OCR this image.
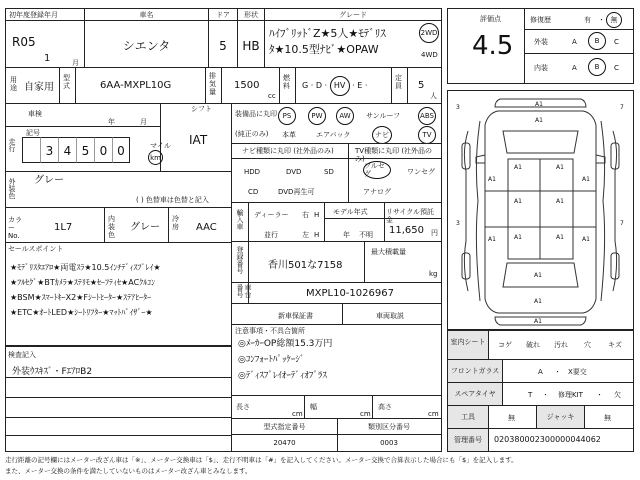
初年度登録年月
R05
1	月
車名
シエンタ
ドア
5
形状
HB
グレード
ﾊｲﾌﾞﾘｯﾄﾞZ★5人★ﾓﾃﾞﾘｽ
ﾀ★10.5型ﾅﾋﾞ★OPAW
2WD
4WD
用途 自家用
型式	6AA-MXPL10G
排気量
1500
cc
燃料	G · D · HV · E ·
定員	5
人
車検
年	月
シフト
IAT
走行
記号
3 4 5 0 0	マイル
km
外装色 グレー
( ) 色替車は色替と記入
カラーNo.
1L7
内装色
グレー
冷房	AAC
セールスポイント
★ﾓﾃﾞﾘｽﾀｴｱﾛ★両電ｽﾗ★10.5ｲﾝﾁﾃﾞｨｽﾌﾟﾚｲ★
★ﾌﾙｾｸﾞ★BTｶﾒﾗ★ｽﾃﾘﾓ★ｾｰﾌﾃｨｾ★ACｸﾙｺﾝ
★BSM★ｽﾏｰﾄｷｰX2★Fｼｰﾄﾋｰﾀｰ★ｽﾃｱﾋｰﾀｰ
★ETC★ｵｰﾄLED★ｼｰﾄﾘﾌﾀｰ★ﾏｯﾄﾊﾞｲｻﾞｰ★
検査記入
外装ｳｽｷｽﾞ・FｴｱﾛB2
装備品に丸印
(純正のみ)
PS	PW AW サンルーフ	ABS
本革	エアバック	ナビ	TV
ナビ種類に丸印 (社外品のみ)
HDD	DVD	SD
CD	DVD再生可
TV種類に丸印 (社外品のみ)
フルセグ	ワンセグ
アナログ
輸入車 ディーラー
並行
右
左
H
H
モデル年式
年 不明
リサイクル預託金
11,650 円
登録番号 香川501な7158
最大積載量
kg
車台番号	MXPL10-1026967
新車保証書	車両取説
注意事項・不具合箇所
◎ﾒｰｶｰOP総額15.3万円
◎ｺﾝﾌｫｰﾄﾊﾟｯｹｰｼﾞ
◎ﾃﾞｨｽﾌﾟﾚｲｵｰﾃﾞｨｵﾌﾟﾗｽ
長さ
cm
幅
cm
高さ
cm
型式指定番号
20470
類別区分番号
0003
評価点
4.5
修復歴	有 ・ 無
外装	A	B C
内装	A	B C
A1
A1
A1	A1
A1	A1
A1	A1
A1	A1
A1	A1
A1
A1
A1
3	7
3	7
室内シート	コゲ 破れ 汚れ 穴 キズ
フロントガラス	A ・ X要交
スペアタイヤ	T ・ 修理KIT ・ 欠
工具	無	ジャッキ	無
管理番号	020380002300000044062
走行距離の記号欄にはメーター改ざん車は「※」、メーター交換車は「$」、走行不明車は「#」を記入してください。メーター交換で合算表示した場合にも「$」を記入します。
また、メーター交換の条件を満たしていないものはメーター改ざん車とみなします。
